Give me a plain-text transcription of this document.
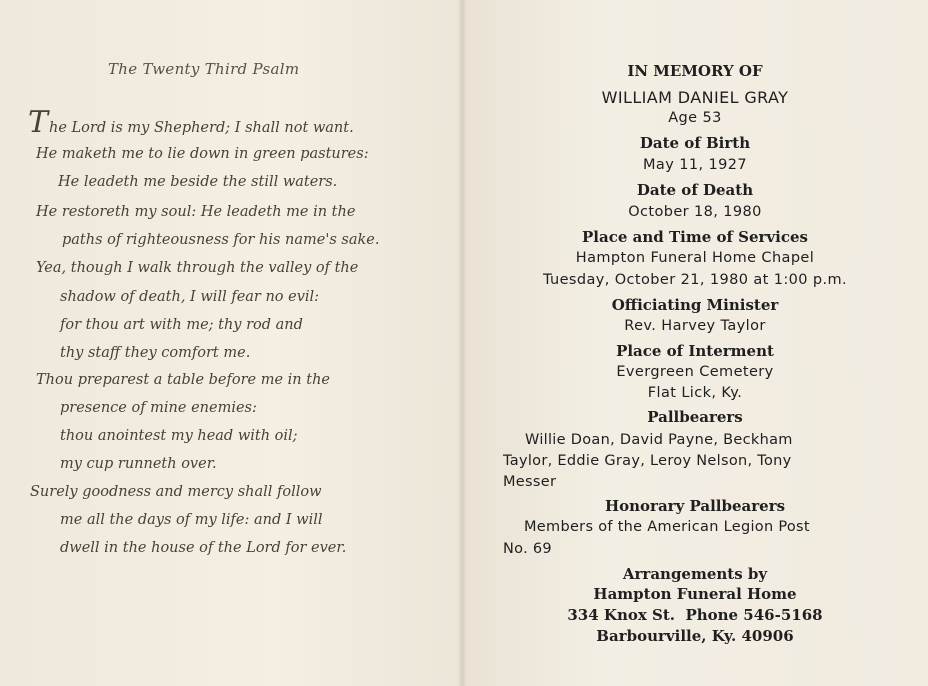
The Twenty Third Psalm
The Lord is my Shepherd; I shall not want.
He maketh me to lie down in green pastures:
He leadeth me beside the still waters.
He restoreth my soul: He leadeth me in the
paths of righteousness for his name's sake.
Yea, though I walk through the valley of the
shadow of death, I will fear no evil:
for thou art with me; thy rod and
thy staff they comfort me.
Thou preparest a table before me in the
presence of mine enemies:
thou anointest my head with oil;
my cup runneth over.
Surely goodness and mercy shall follow
me all the days of my life: and I will
dwell in the house of the Lord for ever.
IN MEMORY OF
WILLIAM DANIEL GRAY
Age 53
Date of Birth
May 11, 1927
Date of Death
October 18, 1980
Place and Time of Services
Hampton Funeral Home Chapel
Tuesday, October 21, 1980 at 1:00 p.m.
Officiating Minister
Rev. Harvey Taylor
Place of Interment
Evergreen Cemetery
Flat Lick, Ky.
Pallbearers
Willie Doan, David Payne, Beckham
Taylor, Eddie Gray, Leroy Nelson, Tony
Messer
Honorary Pallbearers
Members of the American Legion Post
No. 69
Arrangements by
Hampton Funeral Home
334 Knox St.  Phone 546-5168
Barbourville, Ky. 40906
